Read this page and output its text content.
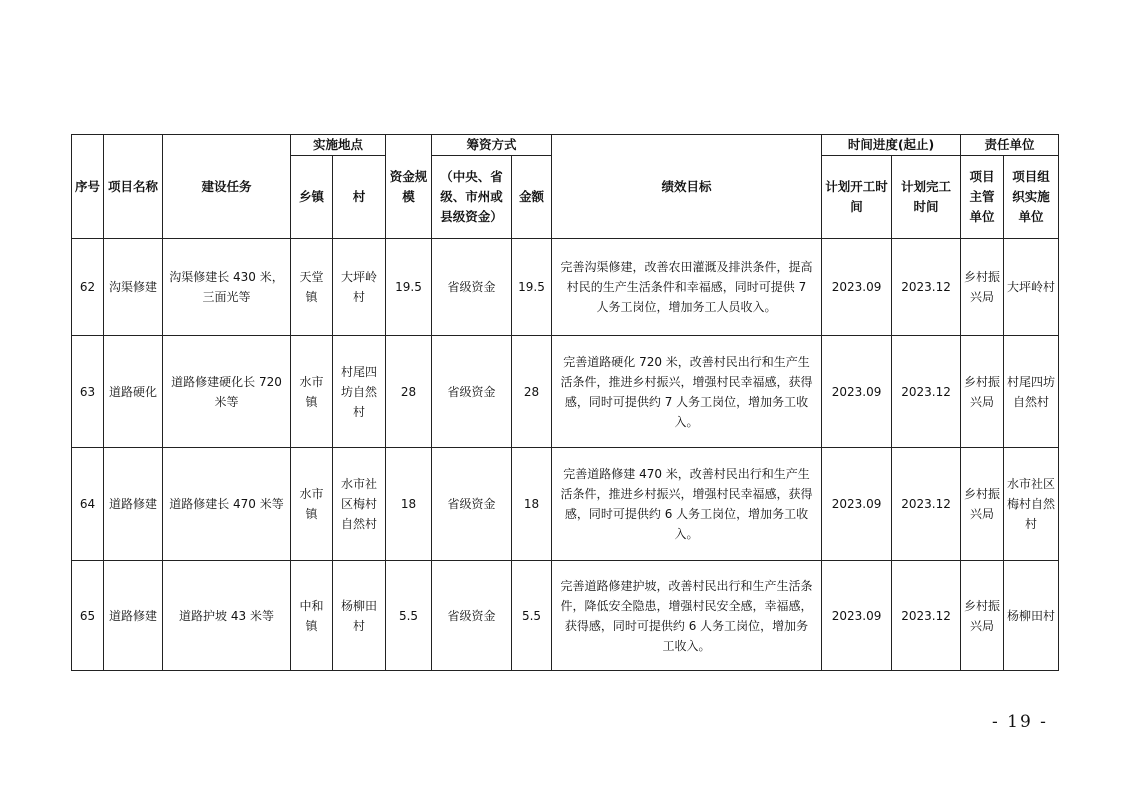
序号	项目名称	建设任务	实施地点		资金规模	筹资方式		绩效目标	时间进度(起止)		责任单位	
			乡镇	村		（中央、省级、市州或县级资金）	金额		计划开工时间	计划完工时间	项目主管单位	项目组织实施单位
62	沟渠修建	沟渠修建长 430 米，三面光等	天堂镇	大坪岭村	19.5	省级资金	19.5	完善沟渠修建，改善农田灌溉及排洪条件，提高村民的生产生活条件和幸福感，同时可提供 7 人务工岗位，增加务工人员收入。	2023.09	2023.12	乡村振兴局	大坪岭村
63	道路硬化	道路修建硬化长 720 米等	水市镇	村尾四坊自然村	28	省级资金	28	完善道路硬化 720 米，改善村民出行和生产生活条件，推进乡村振兴，增强村民幸福感，获得感，同时可提供约 7 人务工岗位，增加务工收入。	2023.09	2023.12	乡村振兴局	村尾四坊自然村
64	道路修建	道路修建长 470 米等	水市镇	水市社区梅村自然村	18	省级资金	18	完善道路修建 470 米，改善村民出行和生产生活条件，推进乡村振兴，增强村民幸福感，获得感，同时可提供约 6 人务工岗位，增加务工收入。	2023.09	2023.12	乡村振兴局	水市社区梅村自然村
65	道路修建	道路护坡 43 米等	中和镇	杨柳田村	5.5	省级资金	5.5	完善道路修建护坡，改善村民出行和生产生活条件，降低安全隐患，增强村民安全感，幸福感，获得感，同时可提供约 6 人务工岗位，增加务工收入。	2023.09	2023.12	乡村振兴局	杨柳田村
- 19 -
